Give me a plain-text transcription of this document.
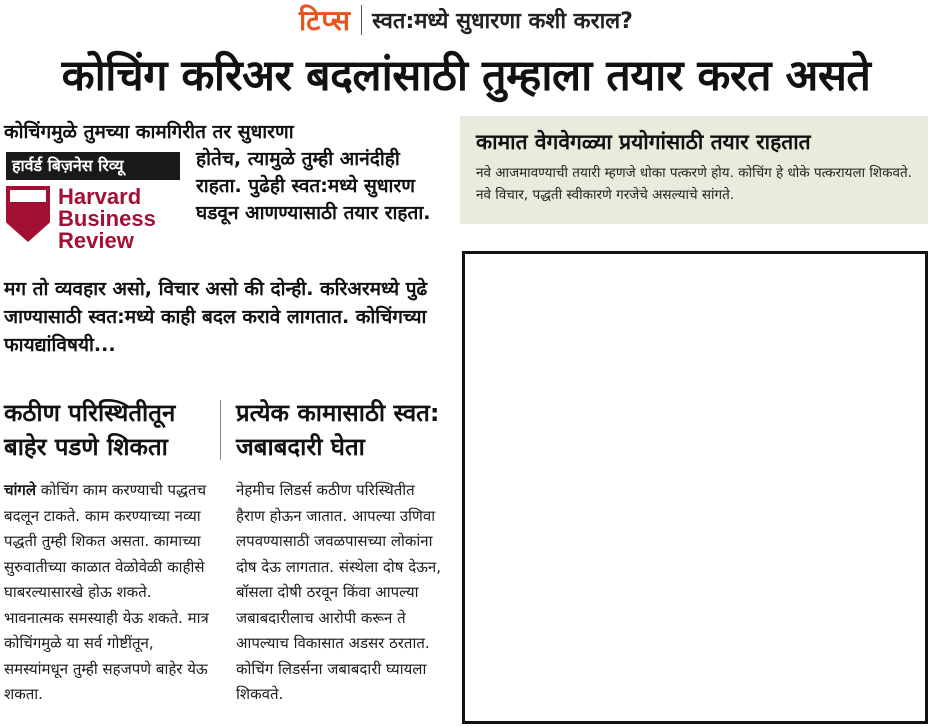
टिप्स स्वत:मध्ये सुधारणा कशी कराल?
कोचिंग करिअर बदलांसाठी तुम्हाला तयार करत असते
कोचिंगमुळे तुमच्या कामगिरीत तर सुधारणा
हार्वर्ड बिज़नेस रिव्यू
Harvard
Business
Review
होतेच, त्यामुळे तुम्ही आनंदीही राहता. पुढेही स्वत:मध्ये सुधारण घडवून आणण्यासाठी तयार राहता.
मग तो व्यवहार असो, विचार असो की दोन्ही. करिअरमध्ये पुढे जाण्यासाठी स्वत:मध्ये काही बदल करावे लागतात. कोचिंगच्या फायद्यांविषयी...
कठीण परिस्थितीतून बाहेर पडणे शिकता
प्रत्येक कामासाठी स्वत: जबाबदारी घेता
चांगले कोचिंग काम करण्याची पद्धतच बदलून टाकते. काम करण्याच्या नव्या पद्धती तुम्ही शिकत असता. कामाच्या सुरुवातीच्या काळात वेळोवेळी काहीसे घाबरल्यासारखे होऊ शकते. भावनात्मक समस्याही येऊ शकते. मात्र कोचिंगमुळे या सर्व गोष्टींतून, समस्यांमधून तुम्ही सहजपणे बाहेर येऊ शकता.
नेहमीच लिडर्स कठीण परिस्थितीत हैराण होऊन जातात. आपल्या उणिवा लपवण्यासाठी जवळपासच्या लोकांना दोष देऊ लागतात. संस्थेला दोष देऊन, बॉसला दोषी ठरवून किंवा आपल्या जबाबदारीलाच आरोपी करून ते आपल्याच विकासात अडसर ठरतात. कोचिंग लिडर्सना जबाबदारी घ्यायला शिकवते.
कामात वेगवेगळ्या प्रयोगांसाठी तयार राहतात
नवे आजमावण्याची तयारी म्हणजे धोका पत्करणे होय. कोचिंग हे धोके पत्करायला शिकवते. नवे विचार, पद्धती स्वीकारणे गरजेचे असल्याचे सांगते.
